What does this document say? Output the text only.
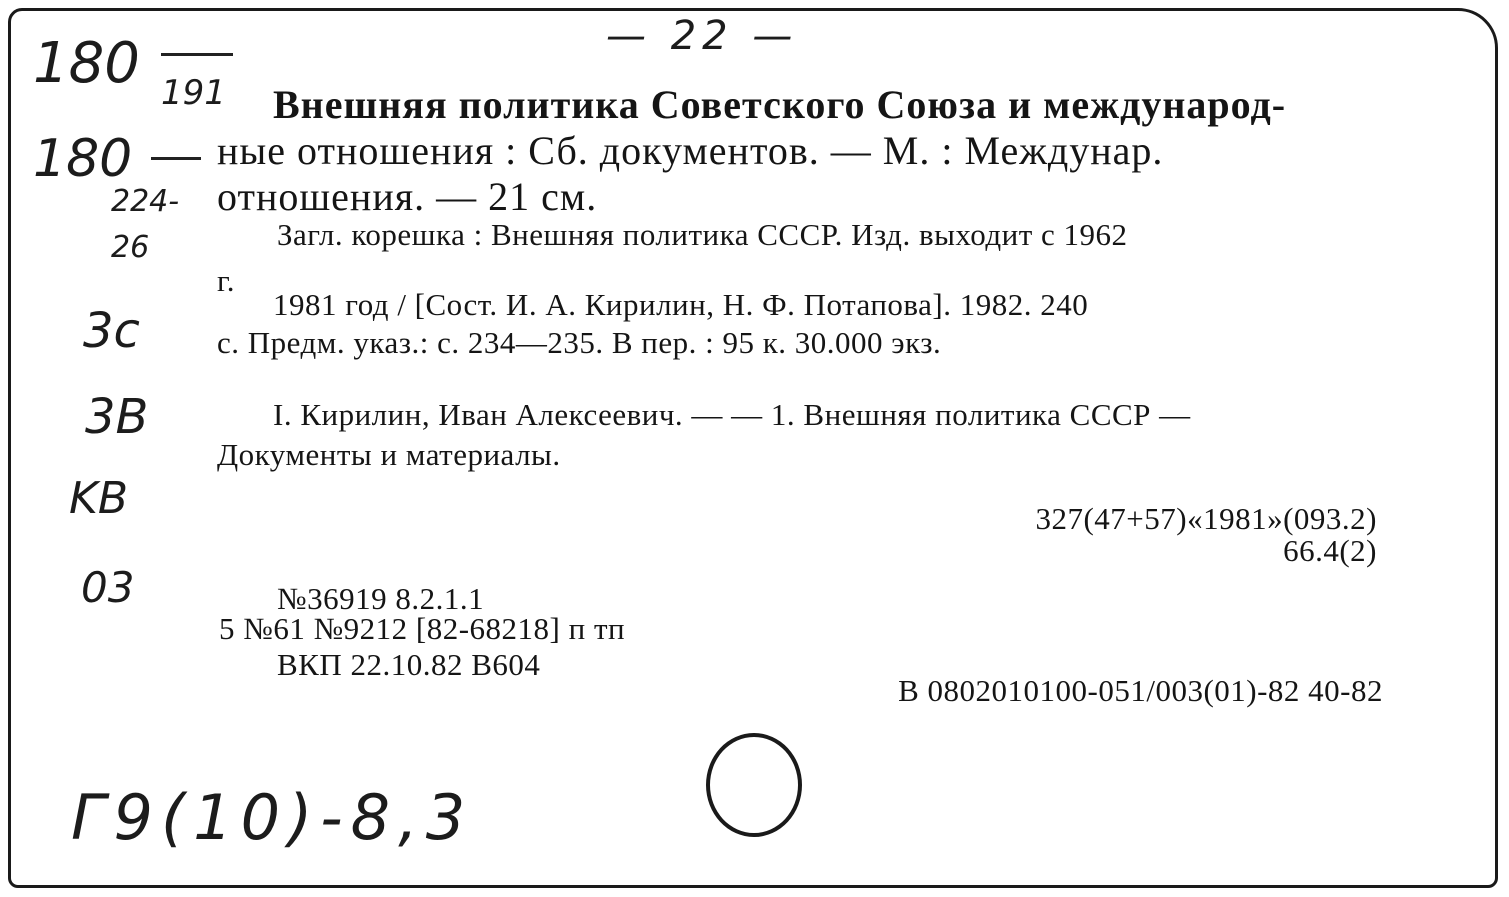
— 22 —
180 191
180
224-26
3c
3B
KB
03
Внешняя политика Советского Союза и международ-
ные отношения : Сб. документов. — М. : Междунар.
отношения. — 21 см.
Загл. корешка : Внешняя политика СССР. Изд. выходит с 1962
г.
1981 год / [Сост. И. А. Кирилин, Н. Ф. Потапова]. 1982. 240
с. Предм. указ.: с. 234—235. В пер. : 95 к. 30.000 экз.
I. Кирилин, Иван Алексеевич. — — 1. Внешняя политика СССР —
Документы и материалы.
327(47+57)«1981»(093.2)
66.4(2)
№36919 8.2.1.1
5 №61 №9212 [82-68218] п тп
ВКП 22.10.82 В604
В 0802010100-051/003(01)-82 40-82
Г9(10)-8,3
